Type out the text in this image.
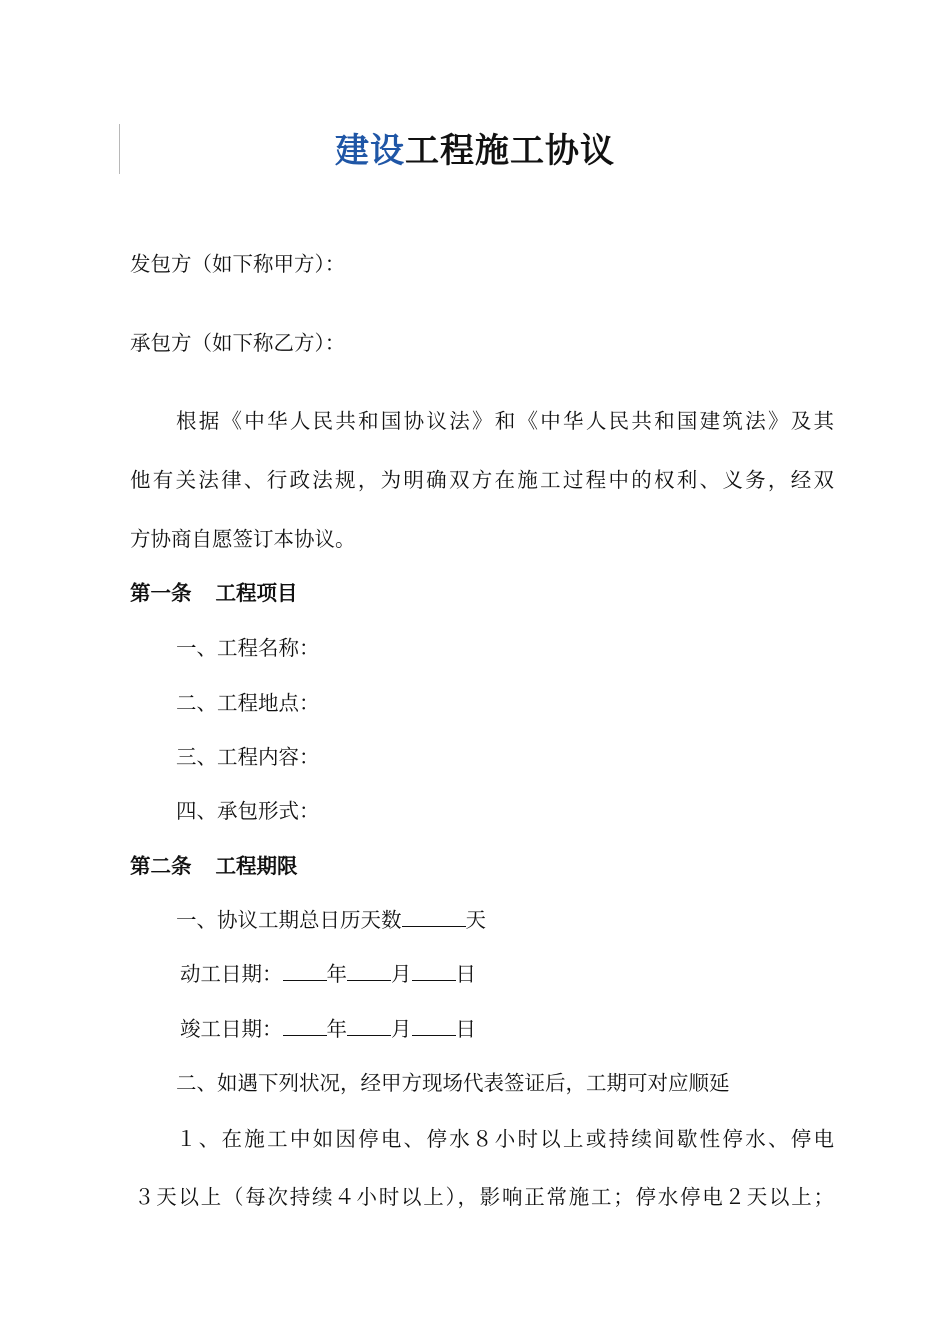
建设工程施工协议
发包方（如下称甲方）：
承包方（如下称乙方）：
根据《中华人民共和国协议法》和《中华人民共和国建筑法》及其
他有关法律、行政法规，为明确双方在施工过程中的权利、义务，经双
方协商自愿签订本协议。
第一条 工程项目
一、工程名称：
二、工程地点：
三、工程内容：
四、承包形式：
第二条 工程期限
一、协议工期总日历天数	天
动工日期： 年 月 日
竣工日期： 年 月 日
二、如遇下列状况，经甲方现场代表签证后，工期可对应顺延
１、在施工中如因停电、停水８小时以上或持续间歇性停水、停电
３天以上（每次持续４小时以上），影响正常施工；停水停电２天以上；
